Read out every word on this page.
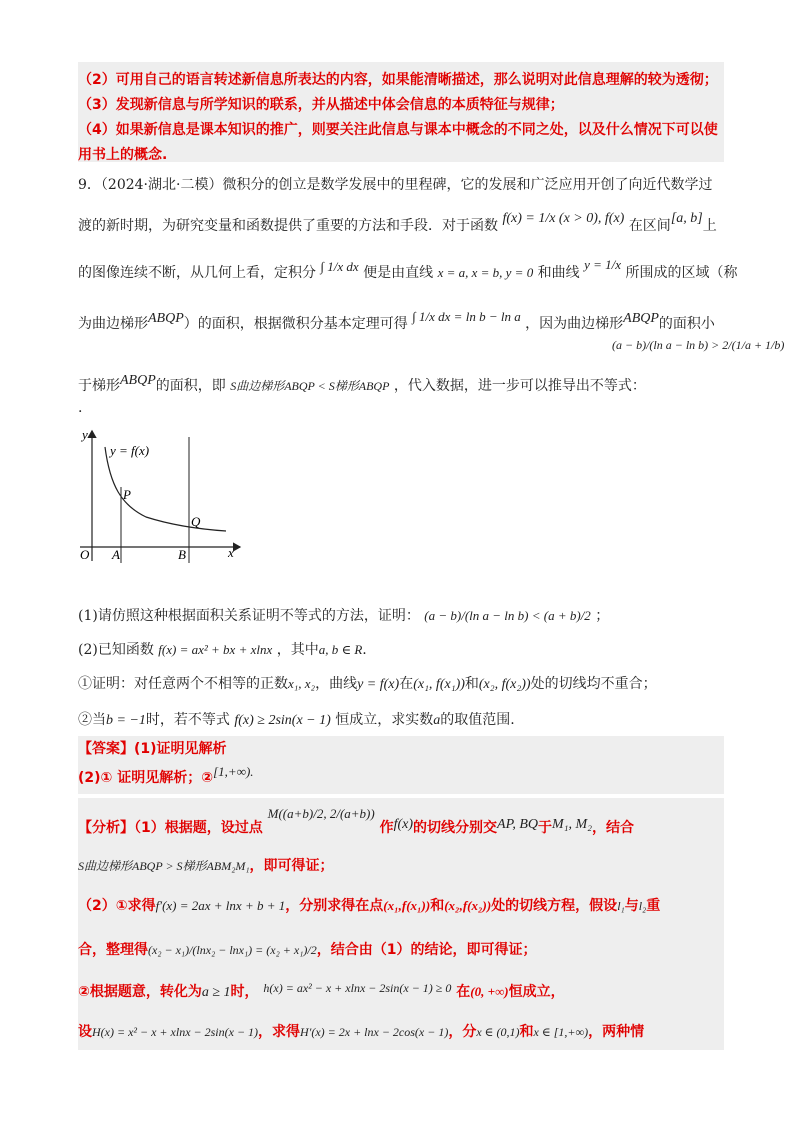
（2）可用自己的语言转述新信息所表达的内容，如果能清晰描述，那么说明对此信息理解的较为透彻；
（3）发现新信息与所学知识的联系，并从描述中体会信息的本质特征与规律；
（4）如果新信息是课本知识的推广，则要关注此信息与课本中概念的不同之处，以及什么情况下可以使
用书上的概念.
9．（2024·湖北·二模）微积分的创立是数学发展中的里程碑，它的发展和广泛应用开创了向近代数学过
渡的新时期，为研究变量和函数提供了重要的方法和手段．对于函数 f(x) = 1/x (x > 0), f(x) 在区间[a, b]上
的图像连续不断，从几何上看，定积分 ∫ 1/x dx 便是由直线 x = a, x = b, y = 0 和曲线 y = 1/x 所围成的区域（称
为曲边梯形ABQP）的面积，根据微积分基本定理可得 ∫ 1/x dx = ln b − ln a ，因为曲边梯形ABQP的面积小
(a − b)/(ln a − ln b) > 2/(1/a + 1/b)
于梯形ABQP的面积，即 S曲边梯形ABQP < S梯形ABQP ，代入数据，进一步可以推导出不等式：
.
y
x
O
y = f(x)
A	B
P
Q
(1)请仿照这种根据面积关系证明不等式的方法，证明： (a − b)/(ln a − ln b) < (a + b)/2 ；
(2)已知函数 f(x) = ax² + bx + xlnx ，其中a, b ∈ R.
①证明：对任意两个不相等的正数x₁, x₂，曲线y = f(x)在(x₁, f(x₁))和(x₂, f(x₂))处的切线均不重合；
②当b = −1时，若不等式 f(x) ≥ 2sin(x − 1) 恒成立，求实数a的取值范围.
【答案】(1)证明见解析
(2)① 证明见解析；②[1,+∞).
【分析】（1）根据题，设过点 M((a+b)/2, 2/(a+b)) 作f(x)的切线分别交AP, BQ于M₁, M₂，结合
S曲边梯形ABQP > S梯形ABM₂M₁，即可得证；
（2）①求得f′(x) = 2ax + lnx + b + 1，分别求得在点(x₁,f(x₁))和(x₂,f(x₂))处的切线方程，假设l₁与l₂重
合，整理得(x₂ − x₁)/(lnx₂ − lnx₁) = (x₂ + x₁)/2，结合由（1）的结论，即可得证；
②根据题意，转化为a ≥ 1时， h(x) = ax² − x + xlnx − 2sin(x − 1) ≥ 0 在(0, +∞)恒成立，
设H(x) = x² − x + xlnx − 2sin(x − 1)，求得H′(x) = 2x + lnx − 2cos(x − 1)，分x ∈ (0,1)和x ∈ [1,+∞)，两种情
